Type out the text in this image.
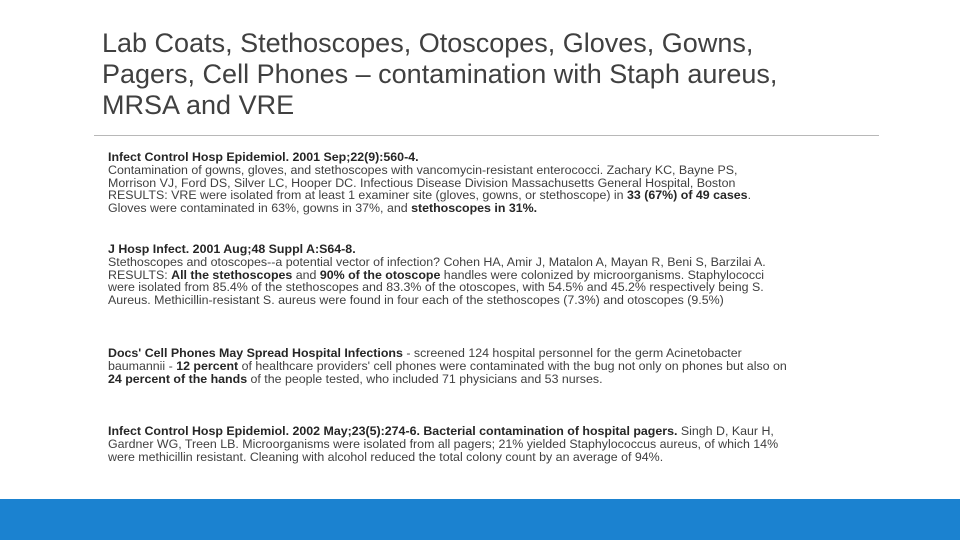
Lab Coats, Stethoscopes, Otoscopes, Gloves, Gowns,
Pagers, Cell Phones – contamination with Staph aureus,
MRSA and VRE
Infect Control Hosp Epidemiol. 2001 Sep;22(9):560-4.
Contamination of gowns, gloves, and stethoscopes with vancomycin-resistant enterococci. Zachary KC, Bayne PS,
Morrison VJ, Ford DS, Silver LC, Hooper DC. Infectious Disease Division Massachusetts General Hospital, Boston
RESULTS: VRE were isolated from at least 1 examiner site (gloves, gowns, or stethoscope) in 33 (67%) of 49 cases.
Gloves were contaminated in 63%, gowns in 37%, and stethoscopes in 31%.
J Hosp Infect. 2001 Aug;48 Suppl A:S64-8.
Stethoscopes and otoscopes--a potential vector of infection? Cohen HA, Amir J, Matalon A, Mayan R, Beni S, Barzilai A.
RESULTS: All the stethoscopes and 90% of the otoscope handles were colonized by microorganisms. Staphylococci
were isolated from 85.4% of the stethoscopes and 83.3% of the otoscopes, with 54.5% and 45.2% respectively being S.
Aureus. Methicillin-resistant S. aureus were found in four each of the stethoscopes (7.3%) and otoscopes (9.5%)
Docs' Cell Phones May Spread Hospital Infections - screened 124 hospital personnel for the germ Acinetobacter
baumannii - 12 percent of healthcare providers' cell phones were contaminated with the bug not only on phones but also on
24 percent of the hands of the people tested, who included 71 physicians and 53 nurses.
Infect Control Hosp Epidemiol. 2002 May;23(5):274-6. Bacterial contamination of hospital pagers. Singh D, Kaur H,
Gardner WG, Treen LB. Microorganisms were isolated from all pagers; 21% yielded Staphylococcus aureus, of which 14%
were methicillin resistant. Cleaning with alcohol reduced the total colony count by an average of 94%.
